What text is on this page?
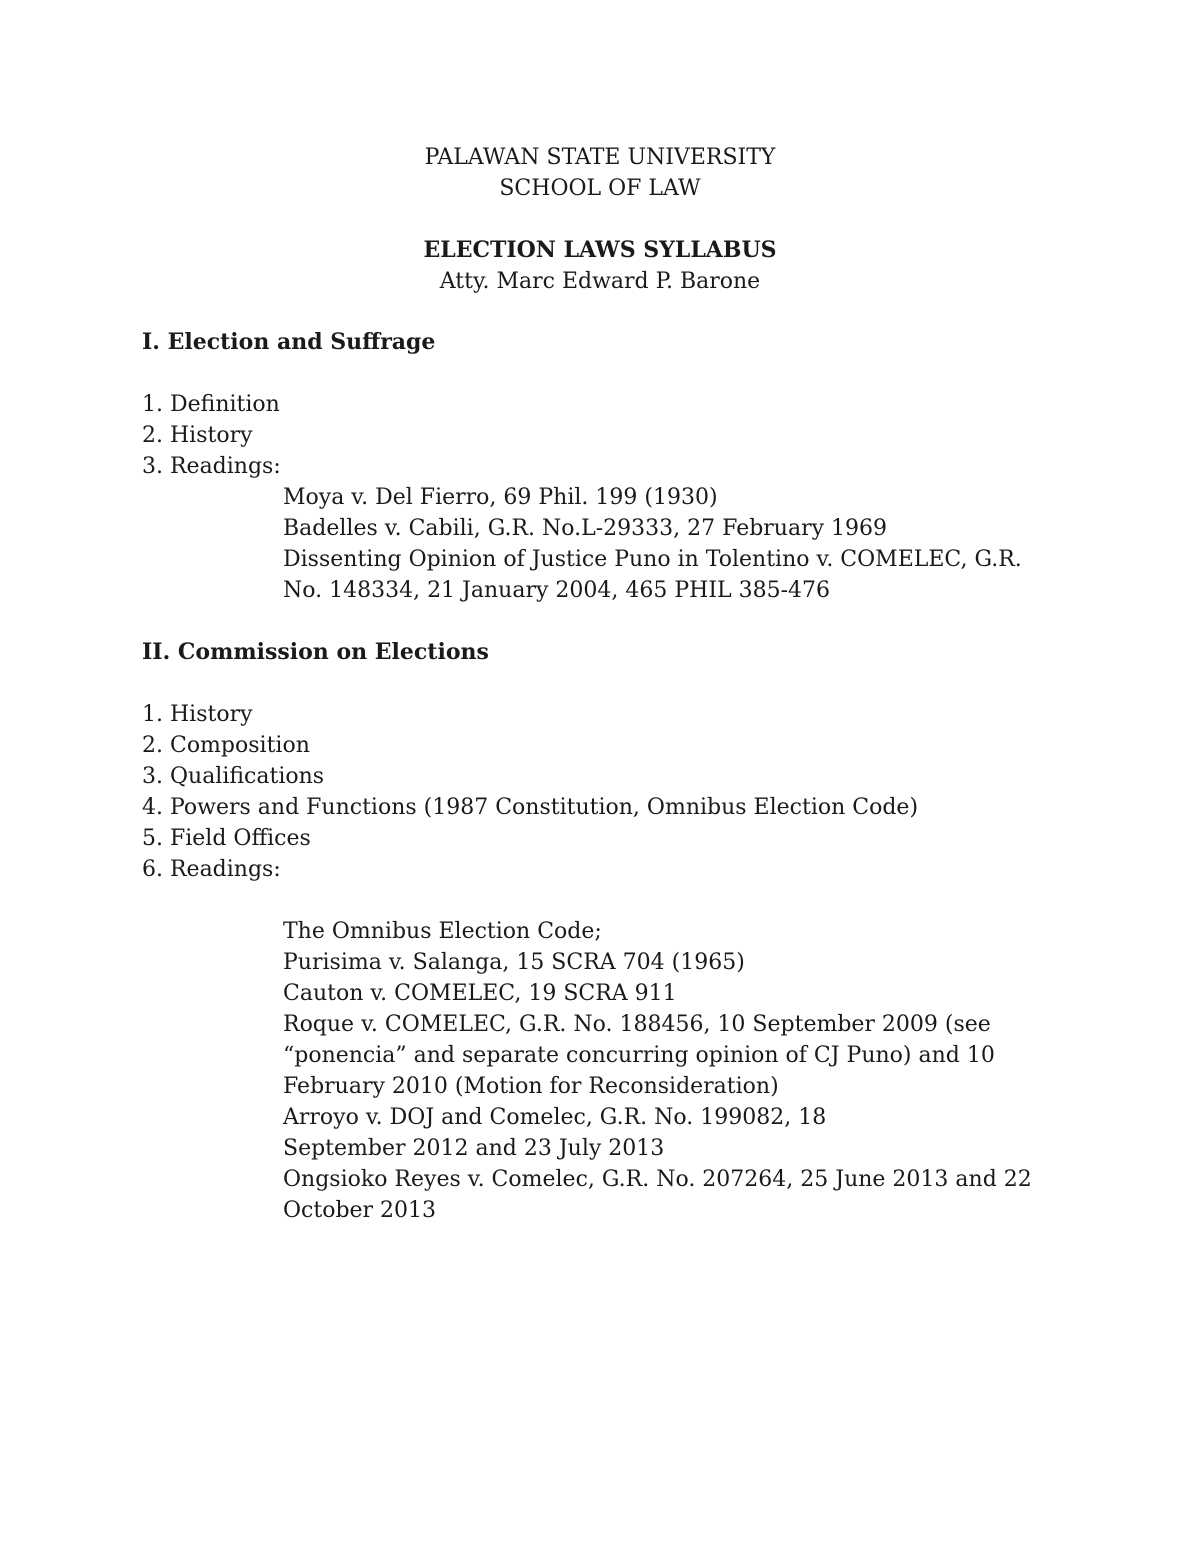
PALAWAN STATE UNIVERSITY
SCHOOL OF LAW
ELECTION LAWS SYLLABUS
Atty. Marc Edward P. Barone
I. Election and Suffrage
1. Definition
2. History
3. Readings:
Moya v. Del Fierro, 69 Phil. 199 (1930)
Badelles v. Cabili, G.R. No.L-29333, 27 February 1969
Dissenting Opinion of Justice Puno in Tolentino v. COMELEC, G.R.
No. 148334, 21 January 2004, 465 PHIL 385-476
II. Commission on Elections
1. History
2. Composition
3. Qualifications
4. Powers and Functions (1987 Constitution, Omnibus Election Code)
5. Field Offices
6. Readings:
The Omnibus Election Code;
Purisima v. Salanga, 15 SCRA 704 (1965)
Cauton v. COMELEC, 19 SCRA 911
Roque v. COMELEC, G.R. No. 188456, 10 September 2009 (see
“ponencia” and separate concurring opinion of CJ Puno) and 10
February 2010 (Motion for Reconsideration)
Arroyo v. DOJ and Comelec, G.R. No. 199082, 18
September 2012 and 23 July 2013
Ongsioko Reyes v. Comelec, G.R. No. 207264, 25 June 2013 and 22
October 2013
